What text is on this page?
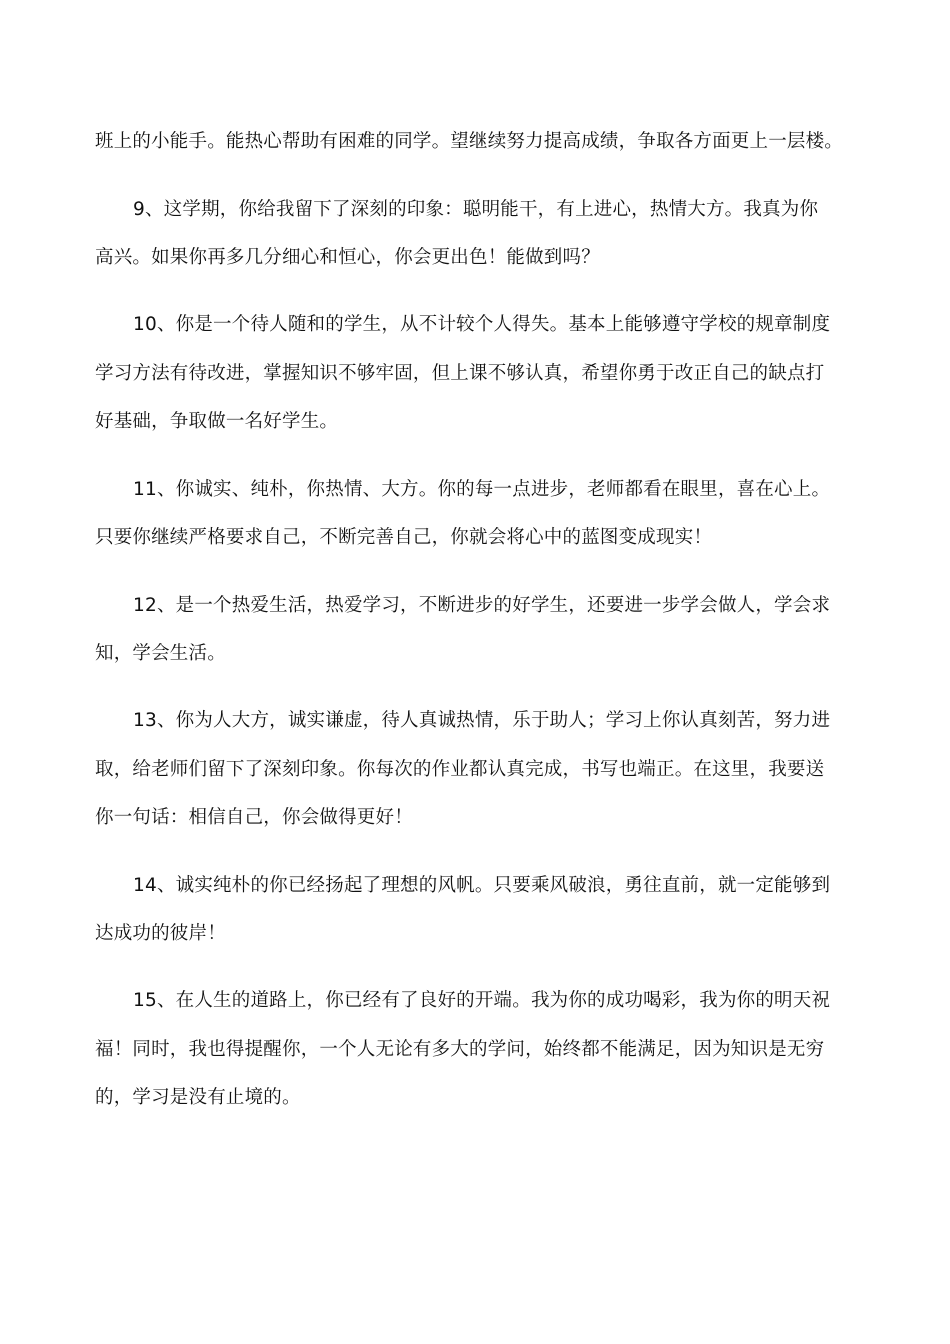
班上的小能手。能热心帮助有困难的同学。望继续努力提高成绩，争取各方面更上一层楼。
9、这学期，你给我留下了深刻的印象：聪明能干，有上进心，热情大方。我真为你
高兴。如果你再多几分细心和恒心，你会更出色！能做到吗？
10、你是一个待人随和的学生，从不计较个人得失。基本上能够遵守学校的规章制度
学习方法有待改进，掌握知识不够牢固，但上课不够认真，希望你勇于改正自己的缺点打
好基础，争取做一名好学生。
11、你诚实、纯朴，你热情、大方。你的每一点进步，老师都看在眼里，喜在心上。
只要你继续严格要求自己，不断完善自己，你就会将心中的蓝图变成现实！
12、是一个热爱生活，热爱学习，不断进步的好学生，还要进一步学会做人，学会求
知，学会生活。
13、你为人大方，诚实谦虚，待人真诚热情，乐于助人；学习上你认真刻苦，努力进
取，给老师们留下了深刻印象。你每次的作业都认真完成，书写也端正。在这里，我要送
你一句话：相信自己，你会做得更好！
14、诚实纯朴的你已经扬起了理想的风帆。只要乘风破浪，勇往直前，就一定能够到
达成功的彼岸！
15、在人生的道路上，你已经有了良好的开端。我为你的成功喝彩，我为你的明天祝
福！同时，我也得提醒你，一个人无论有多大的学问，始终都不能满足，因为知识是无穷
的，学习是没有止境的。
